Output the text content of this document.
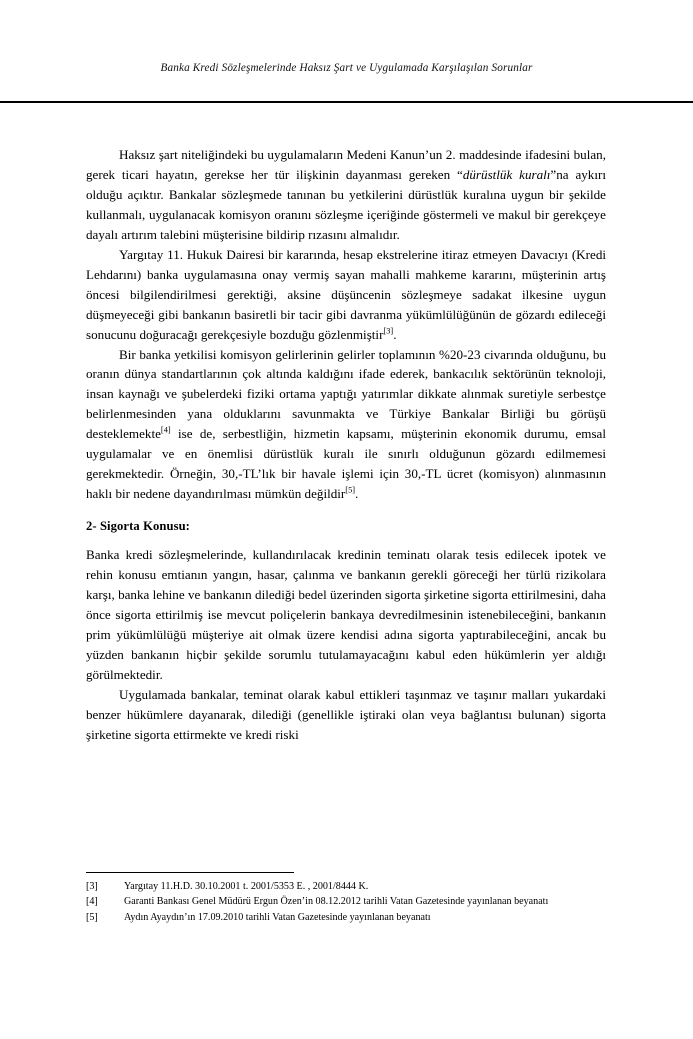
Banka Kredi Sözleşmelerinde Haksız Şart ve Uygulamada Karşılaşılan Sorunlar

Haksız şart niteliğindeki bu uygulamaların Medeni Kanun’un 2. maddesinde ifadesini bulan, gerek ticari hayatın, gerekse her tür ilişkinin dayanması gereken “dürüstlük kuralı”na aykırı olduğu açıktır. Bankalar sözleşmede tanınan bu yetkilerini dürüstlük kuralına uygun bir şekilde kullanmalı, uygulanacak komisyon oranını sözleşme içeriğinde göstermeli ve makul bir gerekçeye dayalı artırım talebini müşterisine bildirip rızasını almalıdır.

Yargıtay 11. Hukuk Dairesi bir kararında, hesap ekstrelerine itiraz etmeyen Davacıyı (Kredi Lehdarını) banka uygulamasına onay vermiş sayan mahalli mahkeme kararını, müşterinin artış öncesi bilgilendirilmesi gerektiği, aksine düşüncenin sözleşmeye sadakat ilkesine uygun düşmeyeceği gibi bankanın basiretli bir tacir gibi davranma yükümlülüğünün de gözardı edileceği sonucunu doğuracağı gerekçesiyle bozduğu gözlenmiştir[3].

Bir banka yetkilisi komisyon gelirlerinin gelirler toplamının %20-23 civarında olduğunu, bu oranın dünya standartlarının çok altında kaldığını ifade ederek, bankacılık sektörünün teknoloji, insan kaynağı ve şubelerdeki fiziki ortama yaptığı yatırımlar dikkate alınmak suretiyle serbestçe belirlenmesinden yana olduklarını savunmakta ve Türkiye Bankalar Birliği bu görüşü desteklemekte[4] ise de, serbestliğin, hizmetin kapsamı, müşterinin ekonomik durumu, emsal uygulamalar ve en önemlisi dürüstlük kuralı ile sınırlı olduğunun gözardı edilmemesi gerekmektedir. Örneğin, 30,-TL’lık bir havale işlemi için 30,-TL ücret (komisyon) alınmasının haklı bir nedene dayandırılması mümkün değildir[5].

2- Sigorta Konusu:

Banka kredi sözleşmelerinde, kullandırılacak kredinin teminatı olarak tesis edilecek ipotek ve rehin konusu emtianın yangın, hasar, çalınma ve bankanın gerekli göreceği her türlü rizikolara karşı, banka lehine ve bankanın dilediği bedel üzerinden sigorta şirketine sigorta ettirilmesini, daha önce sigorta ettirilmiş ise mevcut poliçelerin bankaya devredilmesinin istenebileceğini, bankanın prim yükümlülüğü müşteriye ait olmak üzere kendisi adına sigorta yaptırabileceğini, ancak bu yüzden bankanın hiçbir şekilde sorumlu tutulamayacağını kabul eden hükümlerin yer aldığı görülmektedir.

Uygulamada bankalar, teminat olarak kabul ettikleri taşınmaz ve taşınır malları yukardaki benzer hükümlere dayanarak, dilediği (genellikle iştiraki olan veya bağlantısı bulunan) sigorta şirketine sigorta ettirmekte ve kredi riski

[3]	Yargıtay 11.H.D. 30.10.2001 t. 2001/5353 E. , 2001/8444 K.
[4]	Garanti Bankası Genel Müdürü Ergun Özen’in 08.12.2012 tarihli Vatan Gazetesinde yayınlanan beyanatı
[5]	Aydın Ayaydın’ın 17.09.2010 tarihli Vatan Gazetesinde yayınlanan beyanatı
